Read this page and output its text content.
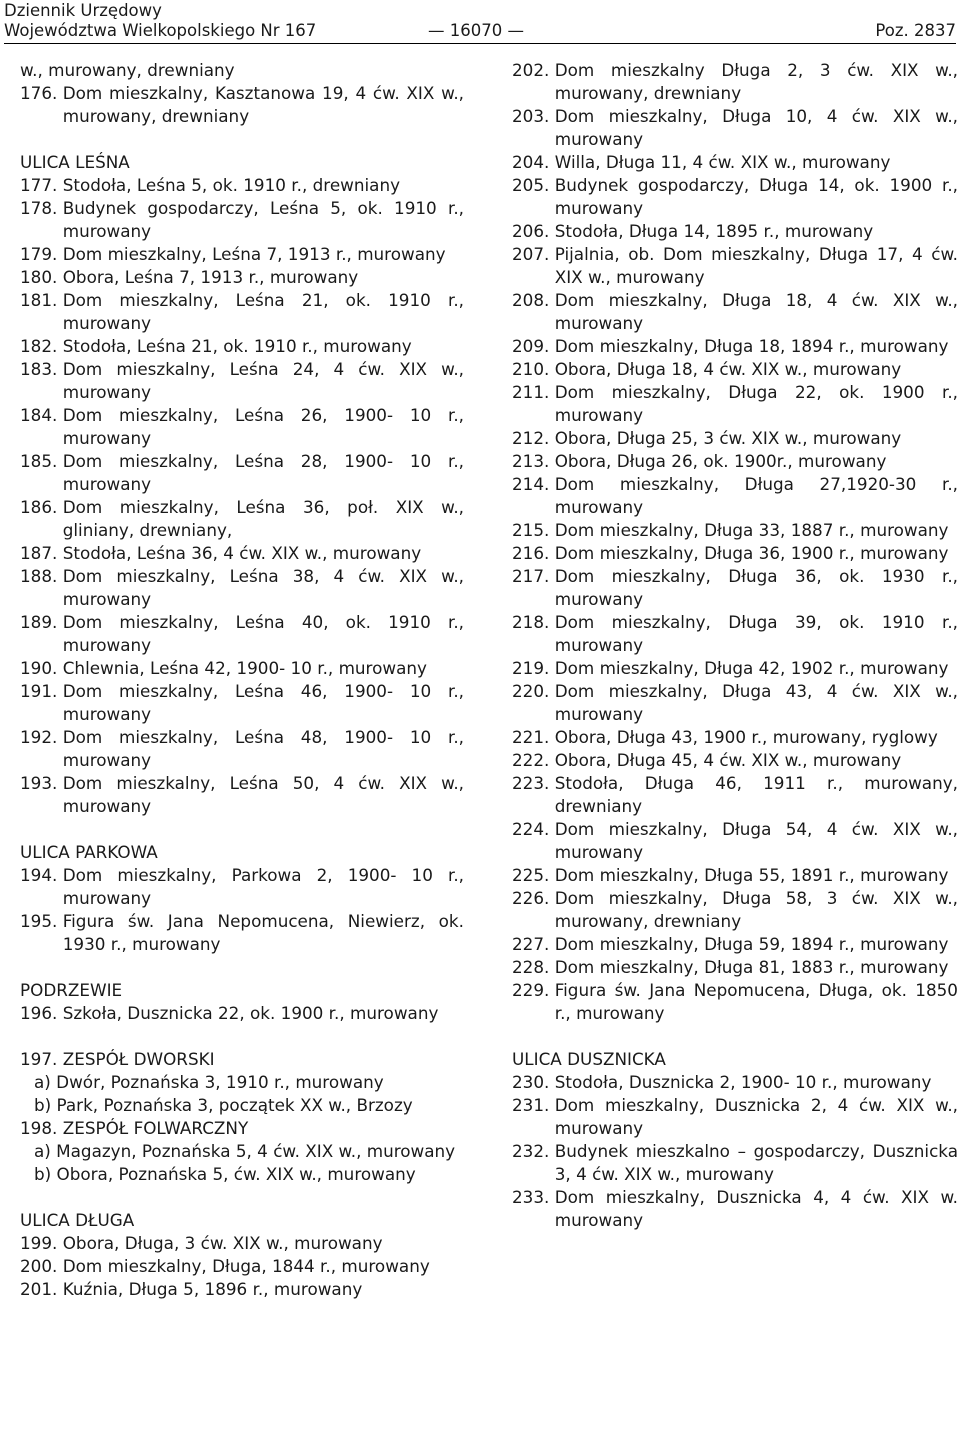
Dziennik Urzędowy
Województwa Wielkopolskiego Nr 167	— 16070 —	Poz. 2837
w., murowany, drewniany
176.
Dom mieszkalny, Kasztanowa 19, 4 ćw. XIX w., murowany, drewniany
ULICA LEŚNA
177.
Stodoła, Leśna 5, ok. 1910 r., drewniany
178.
Budynek gospodarczy, Leśna 5, ok. 1910 r., murowany
179.
Dom mieszkalny, Leśna 7, 1913 r., murowany
180.
Obora, Leśna 7, 1913 r., murowany
181.
Dom mieszkalny, Leśna 21, ok. 1910 r., murowany
182.
Stodoła, Leśna 21, ok. 1910 r., murowany
183.
Dom mieszkalny, Leśna 24, 4 ćw. XIX w., murowany
184.
Dom mieszkalny, Leśna 26, 1900- 10 r., murowany
185.
Dom mieszkalny, Leśna 28, 1900- 10 r., murowany
186.
Dom mieszkalny, Leśna 36, poł. XIX w., gliniany, drewniany,
187.
Stodoła, Leśna 36, 4 ćw. XIX w., murowany
188.
Dom mieszkalny, Leśna 38, 4 ćw. XIX w., murowany
189.
Dom mieszkalny, Leśna 40, ok. 1910 r., murowany
190.
Chlewnia, Leśna 42, 1900- 10 r., murowany
191.
Dom mieszkalny, Leśna 46, 1900- 10 r., murowany
192.
Dom mieszkalny, Leśna 48, 1900- 10 r., murowany
193.
Dom mieszkalny, Leśna 50, 4 ćw. XIX w., murowany
ULICA PARKOWA
194.
Dom mieszkalny, Parkowa 2, 1900- 10 r., murowany
195.
Figura św. Jana Nepomucena, Niewierz, ok. 1930 r., murowany
PODRZEWIE
196.
Szkoła, Dusznicka 22, ok. 1900 r., murowany
197.
ZESPÓŁ DWORSKI
a) Dwór, Poznańska 3, 1910 r., murowany
b) Park, Poznańska 3, początek XX w., Brzozy
198.
ZESPÓŁ FOLWARCZNY
a) Magazyn, Poznańska 5, 4 ćw. XIX w., murowany
b) Obora, Poznańska 5, ćw. XIX w., murowany
ULICA DŁUGA
199.
Obora, Długa, 3 ćw. XIX w., murowany
200.
Dom mieszkalny, Długa, 1844 r., murowany
201.
Kuźnia, Długa 5, 1896 r., murowany
202.
Dom mieszkalny Długa 2, 3 ćw. XIX w., murowany, drewniany
203.
Dom mieszkalny, Długa 10, 4 ćw. XIX w., murowany
204.
Willa, Długa 11, 4 ćw. XIX w., murowany
205.
Budynek gospodarczy, Długa 14, ok. 1900 r., murowany
206.
Stodoła, Długa 14, 1895 r., murowany
207.
Pijalnia, ob. Dom mieszkalny, Długa 17, 4 ćw. XIX w., murowany
208.
Dom mieszkalny, Długa 18, 4 ćw. XIX w., murowany
209.
Dom mieszkalny, Długa 18, 1894 r., murowany
210.
Obora, Długa 18, 4 ćw. XIX w., murowany
211.
Dom mieszkalny, Długa 22, ok. 1900 r., murowany
212.
Obora, Długa 25, 3 ćw. XIX w., murowany
213.
Obora, Długa 26, ok. 1900r., murowany
214.
Dom mieszkalny, Długa 27,1920-30 r., murowany
215.
Dom mieszkalny, Długa 33, 1887 r., murowany
216.
Dom mieszkalny, Długa 36, 1900 r., murowany
217.
Dom mieszkalny, Długa 36, ok. 1930 r., murowany
218.
Dom mieszkalny, Długa 39, ok. 1910 r., murowany
219.
Dom mieszkalny, Długa 42, 1902 r., murowany
220.
Dom mieszkalny, Długa 43, 4 ćw. XIX w., murowany
221.
Obora, Długa 43, 1900 r., murowany, ryglowy
222.
Obora, Długa 45, 4 ćw. XIX w., murowany
223.
Stodoła, Długa 46, 1911 r., murowany, drewniany
224.
Dom mieszkalny, Długa 54, 4 ćw. XIX w., murowany
225.
Dom mieszkalny, Długa 55, 1891 r., murowany
226.
Dom mieszkalny, Długa 58, 3 ćw. XIX w., murowany, drewniany
227.
Dom mieszkalny, Długa 59, 1894 r., murowany
228.
Dom mieszkalny, Długa 81, 1883 r., murowany
229.
Figura św. Jana Nepomucena, Długa, ok. 1850 r., murowany
ULICA DUSZNICKA
230.
Stodoła, Dusznicka 2, 1900- 10 r., murowany
231.
Dom mieszkalny, Dusznicka 2, 4 ćw. XIX w., murowany
232.
Budynek mieszkalno – gospodarczy, Dusznicka 3, 4 ćw. XIX w., murowany
233.
Dom mieszkalny, Dusznicka 4, 4 ćw. XIX w. murowany
